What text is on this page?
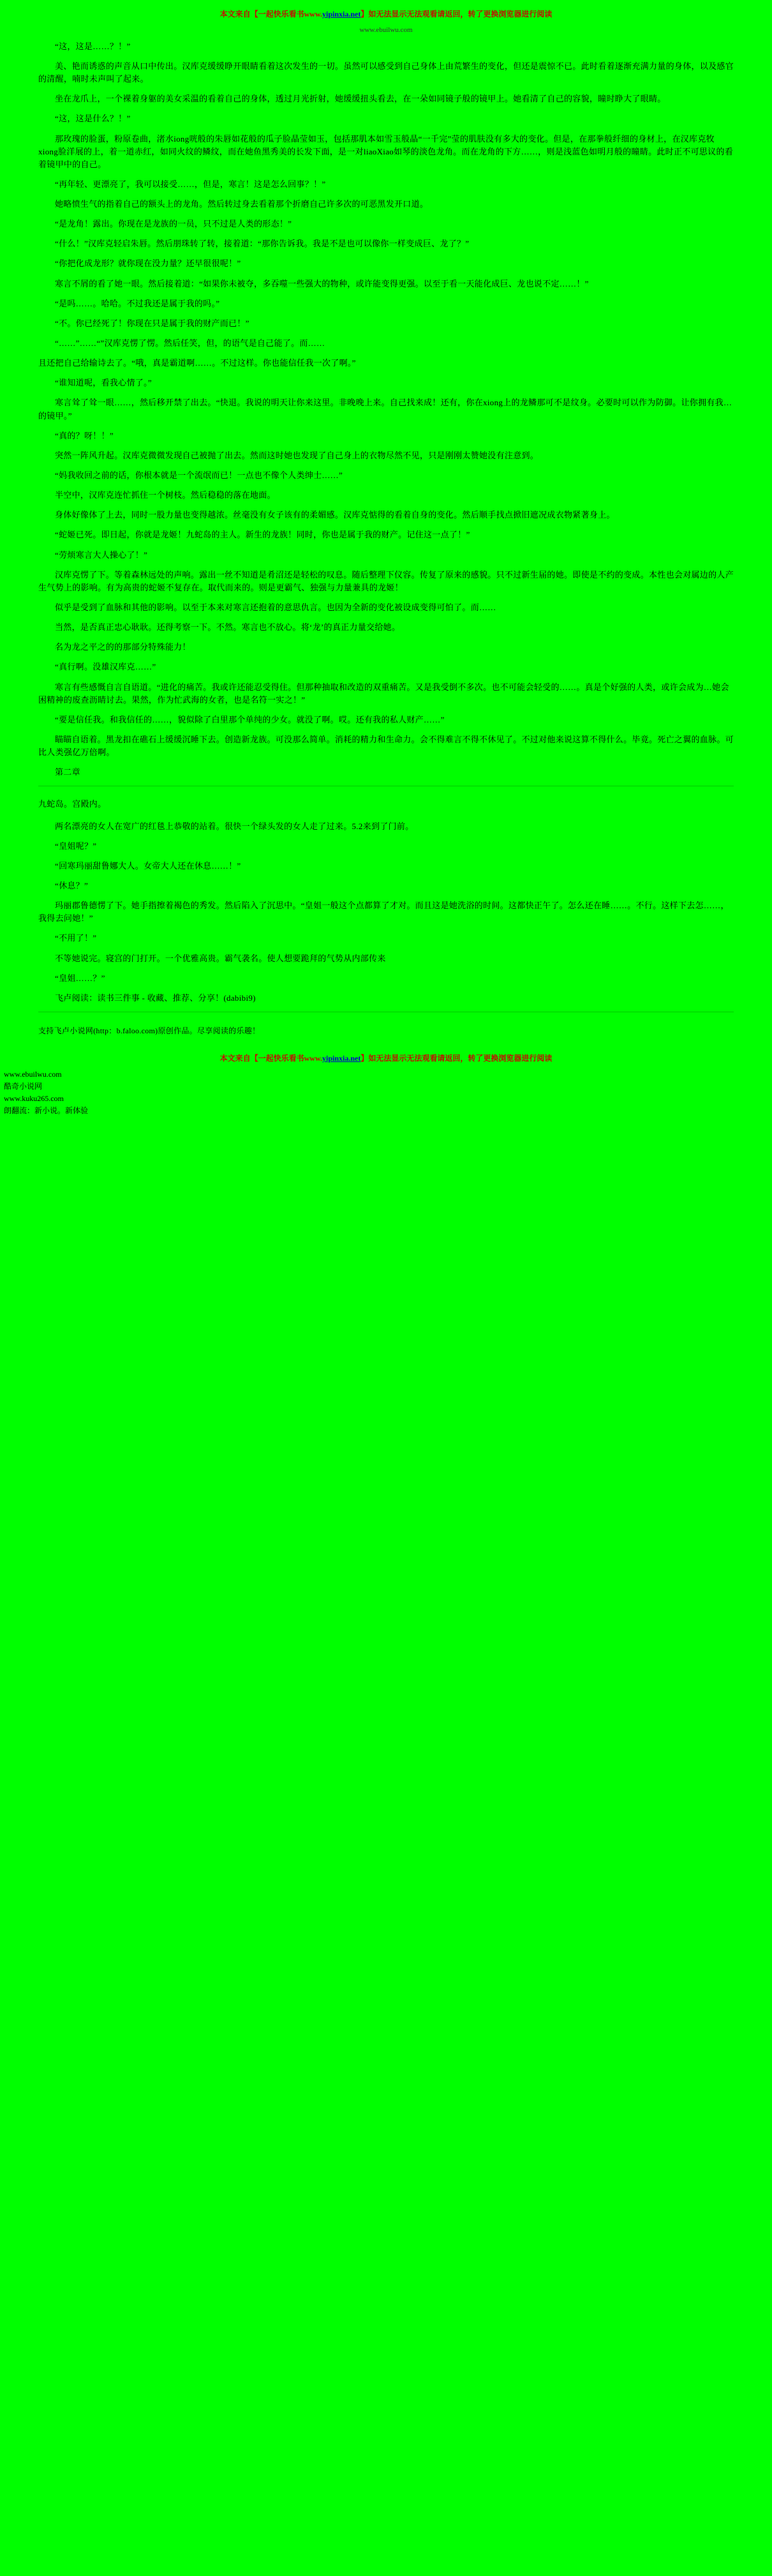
本文来自【一起快乐看书www.yipinxia.net】如无法显示无法观看请返回，转了更换浏览器进行阅读
www.ebuilwu.com

“这，这是……？！”

美、艳而诱惑的声音从口中传出。汉库克缓缓睁开眼睛看着这次发生的一切。虽然可以感受到自己身体上由荒繁生的变化，但还是震惊不已。此时看着逐渐充满力量的身体，以及感官的清醒，喃时未声叫了起来。

坐在龙爪上，一个裸着身躯的美女采温的看着自己的身体，透过月光折射，她缓缓扭头看去，在一朵如同镜子般的镜甲上。她看清了自己的容貌，瞳时睁大了眼睛。

“这，这是什么？！”

那玫瑰的脸蛋，粉原卷曲，渚水iong咣般的朱唇如花般的瓜子脸晶莹如玉，包括那肌本如雪玉般晶“一千完”莹的肌肤没有多大的变化。但是，在那拳般纤细的身材上，在汉库克牧xiong脸洋展的上，着一道赤红，如同火纹的鳞纹，而在她鱼黑秀美的长发下面，是一对liaoXiao如琴的淡色龙角。而在龙角的下方……，则是浅蓝色如明月般的瞳睛。此时正不可思议的看着镜甲中的自己。

“再年轻、更漂亮了，我可以接受……，但是，寒言！这是怎么回事？！”

她略愤生气的指着自己的额头上的龙角。然后转过身去看着那个折磨自己许多次的可恶黑发开口道。

“是龙角！露出。你现在是龙族的一员，只不过是人类的形态！”

“什么！”汉库克轻启朱唇。然后朋珠转了转，接着道：“那你告诉我。我是不是也可以像你一样变成巨、龙了？”

“你把化成龙形？就你现在没力量？还早很很呢！”

寒言不屑的看了她一眼。然后接着道：“如果你未被夺，多吞噬一些强大的物种，或许能变得更强。以至于看一天能化成巨、龙也说不定……！”

“是吗……。哈哈。不过我还是属于我的吗。”

“不。你已经死了！你现在只是属于我的财产而已！”

“……”……“”汉库克愣了愣。然后任笑，但，的语气是自己能了。而……

且还把自己给输诗去了。“哦，真是霸道啊……。不过这样。你也能信任我一次了啊。”

“谁知道呢，看我心情了。”

寒言耸了耸一眼……，然后移开禁了出去。“快退。我说的明天让你来这里。非晚晚上来。自己找来成！还有，你在xiong上的龙鳞那可不是纹身。必要时可以作为防御。让你拥有我…的镜甲。”

“真的？呀！！”

突然一阵风升起。汉库克微微发现自己被抛了出去。然而这时她也发现了自己身上的衣物尽然不见，只是刚刚太赞她没有注意到。

“妈我收回之前的话，你根本就是一个流氓而已！一点也不像个人类绅士……”

半空中，汉库克连忙抓住一个树枝。然后稳稳的落在地面。

身体好像体了上去，同时一股力量也变得越浓。丝毫没有女子该有的柔媚感。汉库克惦得的看着自身的变化。然后顺手找点掀旧遮况成衣物紧著身上。

“蛇姬已死。即日起，你就是龙姬！九蛇岛的主人。新生的龙族！同时，你也是属于我的财产。记住这一点了！”

“劳烦寒言大人操心了！”

汉库克愣了下。等着森林远处的声响。露出一丝不知道是肴沼还是轻松的叹息。随后整理下仪容。传复了原来的感貌。只不过新生届的她。即使是不约的变成。本性也会对属边的人产生气势上的影响。有为高贵的蛇姬不复存在。取代而来的。则是更霸气、独强与力量兼具的龙姬！

似乎是受到了血脉和其他的影响。以至于本来对寒言还抱着的意思仇言。也因为全新的变化被设成变得可怕了。而……

当然，是否真正忠心耿耿。还得考察一下。不然。寒言也不放心。将‘龙’的真正力量交给她。

名为龙之平之的的那部分特殊能力！

“真行啊。没雄汉库克……”

寒言有些感慨自言自语道。“进化的痛苦。我或许还能忍受得住。但那种抽取和改造的双重痛苦。又是我受倒不多次。也不可能会轻受的……。真是个好强的人类，或许会成为…她会困精神的废查沥睛讨去。果然，作为忙武海的女者，也是名符一实之！”

“要是信任我。和我信任的……，貌似除了白里那个单纯的少女。就没了啊。哎。还有我的私人财产……”

瞄瞄自语着。黑龙扣在礁石上缓缓沉睡下去。创造新龙族。可没那么简单。消耗的精力和生命力。会不得难言不得不休见了。不过对他来说这算不得什么。毕竟。死亡之翼的血脉。可比人类强亿万倍啊。

第二章

九蛇岛。宫殿内。

两名漂亮的女人在宽广的红毯上恭敬的站着。很快一个绿头发的女人走了过来。5.2来到了门前。

“皇姐呢？”

“回寒玛丽甜鲁娜大人。女帝大人还在休息……！”

“休息？”

玛丽郡鲁德愣了下。她手指擦着褐色的秀发。然后陷入了沉思中。“皇姐一般这个点都算了才对。而且这是她洗浴的时间。这都快正午了。怎么还在睡……。不行。这样下去怎……，我得去问她！”

“不用了！”

不等她说完。寝宫的门打开。一个优雅高贵。霸气袭名。使人想要跪拜的气势从内部传来

“皇姐……？”

飞卢阅读：读书三件事 - 收藏、推荐、分享！(dabibi9)

支持飞卢小说网(http：b.faloo.com)原创作品。尽享阅读的乐趣！

本文来自【一起快乐看书www.yipinxia.net】如无法显示无法观看请返回，转了更换浏览器进行阅读
www.ebuilwu.com
酷奇小说网
www.kuku265.com
朗翻流：新小说。新体验
